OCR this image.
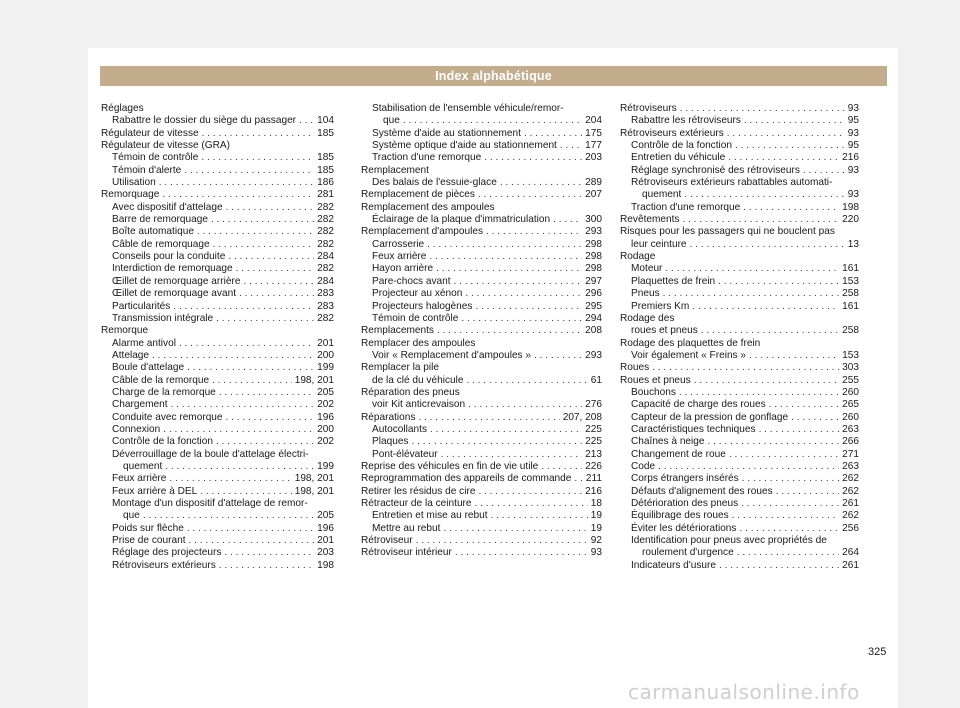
Index alphabétique
Réglages
Rabattre le dossier du siège du passager . . . 104
Régulateur de vitesse . . .	185
Régulateur de vitesse (GRA)
Témoin de contrôle . . .	185
Témoin d'alerte . . .	185
Utilisation . . .	186
Remorquage . . .	281
Avec dispositif d'attelage . . .	282
Barre de remorquage . . .	282
Boîte automatique . . .	282
Câble de remorquage . . .	282
Conseils pour la conduite . . .	284
Interdiction de remorquage . . .	282
Œillet de remorquage arrière . . .	284
Œillet de remorquage avant . . .	283
Particularités . . .	283
Transmission intégrale . . .	282
Remorque
Alarme antivol . . .	201
Attelage . . .	200
Boule d'attelage . . .	199
Câble de la remorque . . .	198, 201
Charge de la remorque . . .	205
Chargement . . .	202
Conduite avec remorque . . .	196
Connexion . . .	200
Contrôle de la fonction . . .	202
Déverrouillage de la boule d'attelage électri-
quement . . .	199
Feux arrière . . .	198, 201
Feux arrière à DEL . . .	198, 201
Montage d'un dispositif d'attelage de remor-
que . . .	205
Poids sur flèche . . .	196
Prise de courant . . .	201
Réglage des projecteurs . . .	203
Rétroviseurs extérieurs . . .	198
Stabilisation de l'ensemble véhicule/remor-
que . . .	204
Système d'aide au stationnement . . .	175
Système optique d'aide au stationnement . . .	177
Traction d'une remorque . . .	203
Remplacement
Des balais de l'essuie-glace . . .	289
Remplacement de pièces . . .	207
Remplacement des ampoules
Éclairage de la plaque d'immatriculation . . .	300
Remplacement d'ampoules . . .	293
Carrosserie . . .	298
Feux arrière . . .	298
Hayon arrière . . .	298
Pare-chocs avant . . .	297
Projecteur au xénon . . .	296
Projecteurs halogènes . . .	295
Témoin de contrôle . . .	294
Remplacements . . .	208
Remplacer des ampoules
Voir « Remplacement d'ampoules » . . .	293
Remplacer la pile
de la clé du véhicule . . .	61
Réparation des pneus
voir Kit anticrevaison . . .	276
Réparations . . .	207, 208
Autocollants . . .	225
Plaques . . .	225
Pont-élévateur . . .	213
Reprise des véhicules en fin de vie utile . . .	226
Reprogrammation des appareils de commande . . . 211
Retirer les résidus de cire . . .	216
Rétracteur de la ceinture . . .	18
Entretien et mise au rebut . . .	19
Mettre au rebut . . .	19
Rétroviseur . . .	92
Rétroviseur intérieur . . .	93
Rétroviseurs . . .	93
Rabattre les rétroviseurs . . .	95
Rétroviseurs extérieurs . . .	93
Contrôle de la fonction . . .	95
Entretien du véhicule . . .	216
Réglage synchronisé des rétroviseurs . . .	93
Rétroviseurs extérieurs rabattables automati-
quement . . .	93
Traction d'une remorque . . .	198
Revêtements . . .	220
Risques pour les passagers qui ne bouclent pas
leur ceinture . . .	13
Rodage
Moteur . . .	161
Plaquettes de frein . . .	153
Pneus . . .	258
Premiers Km . . .	161
Rodage des
roues et pneus . . .	258
Rodage des plaquettes de frein
Voir également « Freins » . . .	153
Roues . . .	303
Roues et pneus . . .	255
Bouchons . . .	260
Capacité de charge des roues . . .	265
Capteur de la pression de gonflage . . .	260
Caractéristiques techniques . . .	263
Chaînes à neige . . .	266
Changement de roue . . .	271
Code . . .	263
Corps étrangers insérés . . .	262
Défauts d'alignement des roues . . .	262
Détérioration des pneus . . .	261
Équilibrage des roues . . .	262
Éviter les détériorations . . .	256
Identification pour pneus avec propriétés de
roulement d'urgence . . .	264
Indicateurs d'usure . . .	261
325
carmanualsonline.info
